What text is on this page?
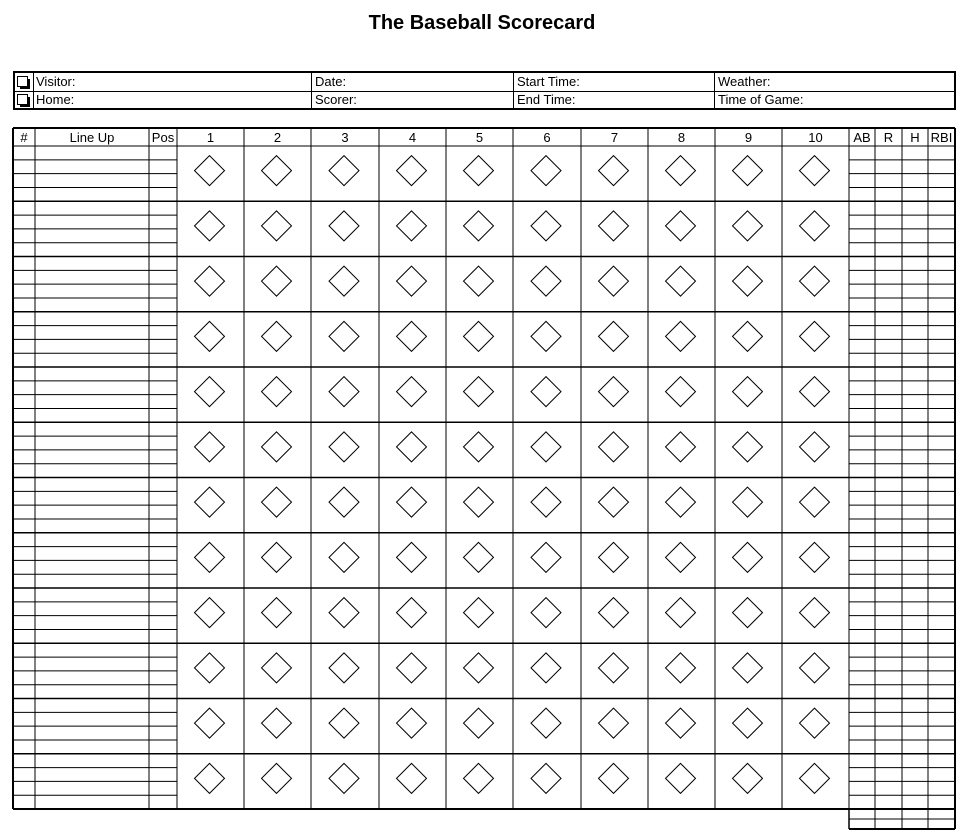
The Baseball Scorecard
Visitor:	Date:	Start Time:	Weather:
Home:	Scorer:	End Time:	Time of Game:
#	Line Up	Pos	1	2	3	4	5	6	7	8	9	10	AB	R	H RBI
